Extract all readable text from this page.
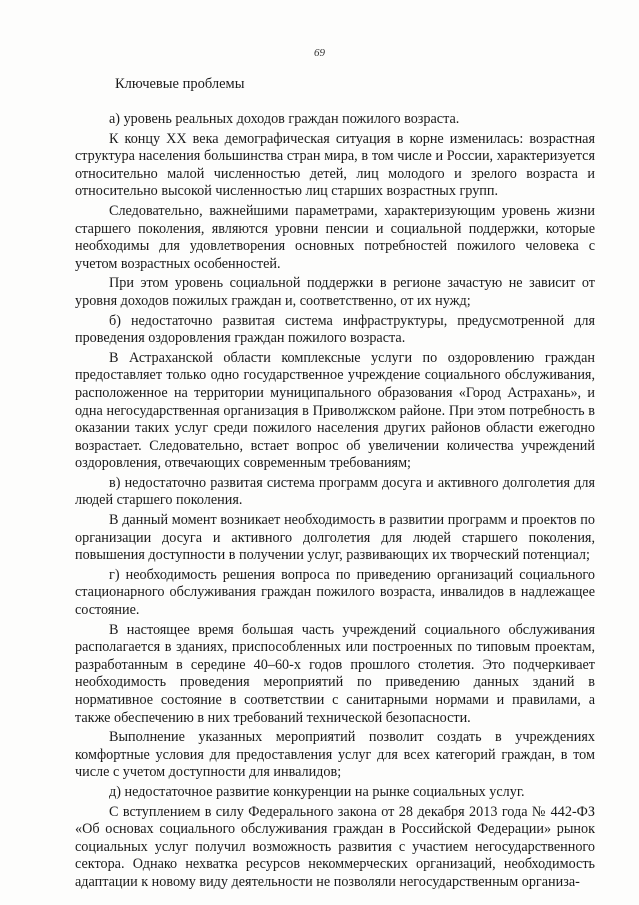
69
Ключевые проблемы

а) уровень реальных доходов граждан пожилого возраста.

К концу XX века демографическая ситуация в корне изменилась: возрастная структура населения большинства стран мира, в том числе и России, характеризуется относительно малой численностью детей, лиц молодого и зрелого возраста и относительно высокой численностью лиц старших возрастных групп.

Следовательно, важнейшими параметрами, характеризующим уровень жизни старшего поколения, являются уровни пенсии и социальной поддержки, которые необходимы для удовлетворения основных потребностей пожилого человека с учетом возрастных особенностей.

При этом уровень социальной поддержки в регионе зачастую не зависит от уровня доходов пожилых граждан и, соответственно, от их нужд;

б) недостаточно развитая система инфраструктуры, предусмотренной для проведения оздоровления граждан пожилого возраста.

В Астраханской области комплексные услуги по оздоровлению граждан предоставляет только одно государственное учреждение социального обслуживания, расположенное на территории муниципального образования «Город Астрахань», и одна негосударственная организация в Приволжском районе. При этом потребность в оказании таких услуг среди пожилого населения других районов области ежегодно возрастает. Следовательно, встает вопрос об увеличении количества учреждений оздоровления, отвечающих современным требованиям;

в) недостаточно развитая система программ досуга и активного долголетия для людей старшего поколения.

В данный момент возникает необходимость в развитии программ и проектов по организации досуга и активного долголетия для людей старшего поколения, повышения доступности в получении услуг, развивающих их творческий потенциал;

г) необходимость решения вопроса по приведению организаций социального стационарного обслуживания граждан пожилого возраста, инвалидов в надлежащее состояние.

В настоящее время большая часть учреждений социального обслуживания располагается в зданиях, приспособленных или построенных по типовым проектам, разработанным в середине 40–60-х годов прошлого столетия. Это подчеркивает необходимость проведения мероприятий по приведению данных зданий в нормативное состояние в соответствии с санитарными нормами и правилами, а также обеспечению в них требований технической безопасности.

Выполнение указанных мероприятий позволит создать в учреждениях комфортные условия для предоставления услуг для всех категорий граждан, в том числе с учетом доступности для инвалидов;

д) недостаточное развитие конкуренции на рынке социальных услуг.

С вступлением в силу Федерального закона от 28 декабря 2013 года № 442-ФЗ «Об основах социального обслуживания граждан в Российской Федерации» рынок социальных услуг получил возможность развития с участием негосударственного сектора. Однако нехватка ресурсов некоммерческих организаций, необходимость адаптации к новому виду деятельности не позволяли негосударственным организа-
